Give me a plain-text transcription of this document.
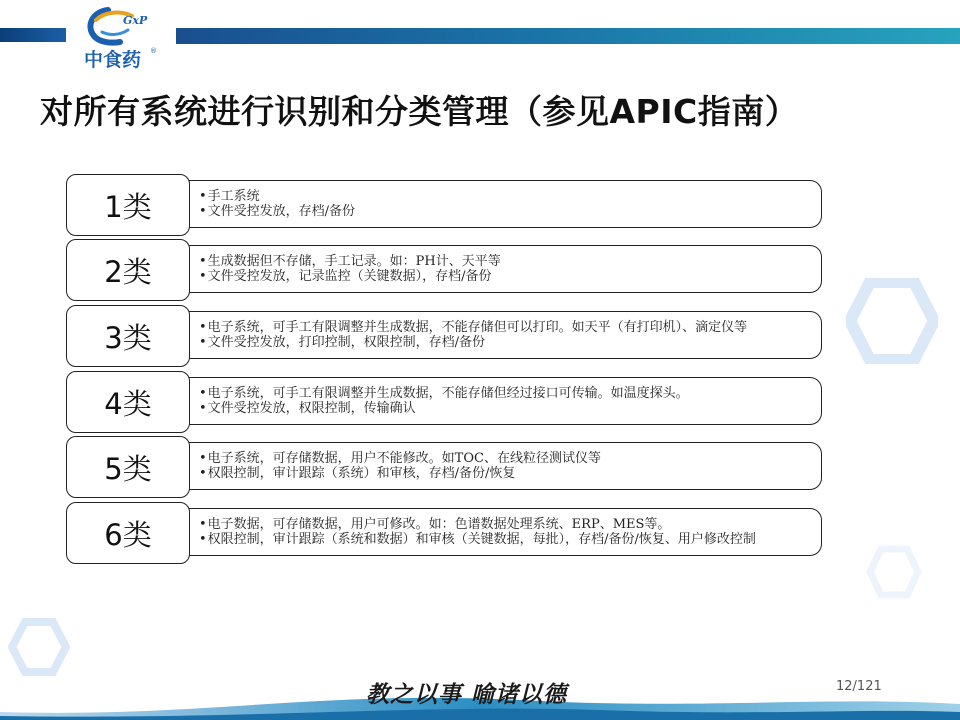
GxP
中食药 ®
对所有系统进行识别和分类管理（参见APIC指南）
• 手工系统
• 文件受控发放，存档/备份
1类
• 生成数据但不存储，手工记录。如：PH计、天平等
• 文件受控发放，记录监控（关键数据），存档/备份
2类
• 电子系统，可手工有限调整并生成数据，不能存储但可以打印。如天平（有打印机）、滴定仪等
• 文件受控发放，打印控制，权限控制，存档/备份
3类
• 电子系统，可手工有限调整并生成数据，不能存储但经过接口可传输。如温度探头。
• 文件受控发放，权限控制，传输确认
4类
• 电子系统，可存储数据，用户不能修改。如TOC、在线粒径测试仪等
• 权限控制，审计跟踪（系统）和审核，存档/备份/恢复
5类
• 电子数据，可存储数据，用户可修改。如：色谱数据处理系统、ERP、MES等。
• 权限控制，审计跟踪（系统和数据）和审核（关键数据，每批），存档/备份/恢复、用户修改控制
6类
教之以事 喻诸以德	12/121
